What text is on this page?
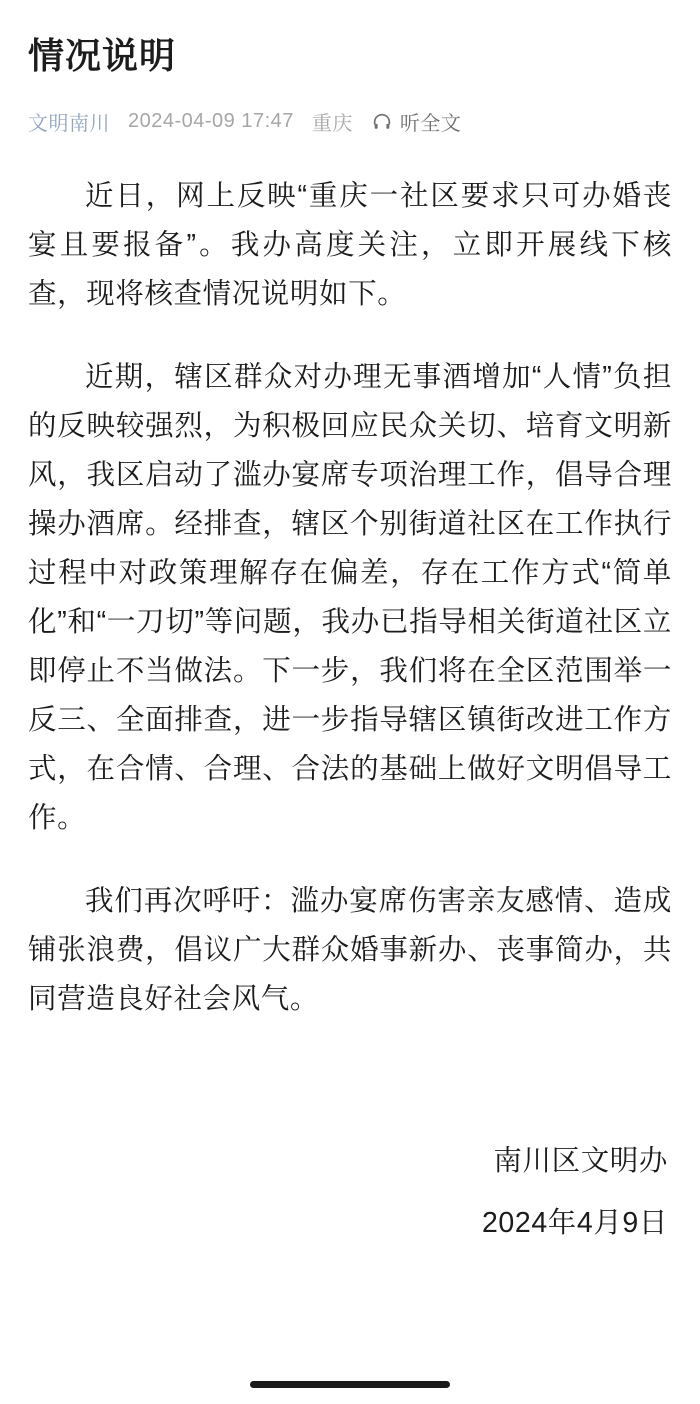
情况说明
文明南川 2024-04-09 17:47 重庆 听全文

近日，网上反映“重庆一社区要求只可办婚丧宴且要报备”。我办高度关注，立即开展线下核查，现将核查情况说明如下。

近期，辖区群众对办理无事酒增加“人情”负担的反映较强烈，为积极回应民众关切、培育文明新风，我区启动了滥办宴席专项治理工作，倡导合理操办酒席。经排查，辖区个别街道社区在工作执行过程中对政策理解存在偏差，存在工作方式“简单化”和“一刀切”等问题，我办已指导相关街道社区立即停止不当做法。下一步，我们将在全区范围举一反三、全面排查，进一步指导辖区镇街改进工作方式，在合情、合理、合法的基础上做好文明倡导工作。

我们再次呼吁：滥办宴席伤害亲友感情、造成铺张浪费，倡议广大群众婚事新办、丧事简办，共同营造良好社会风气。

南川区文明办
2024年4月9日
